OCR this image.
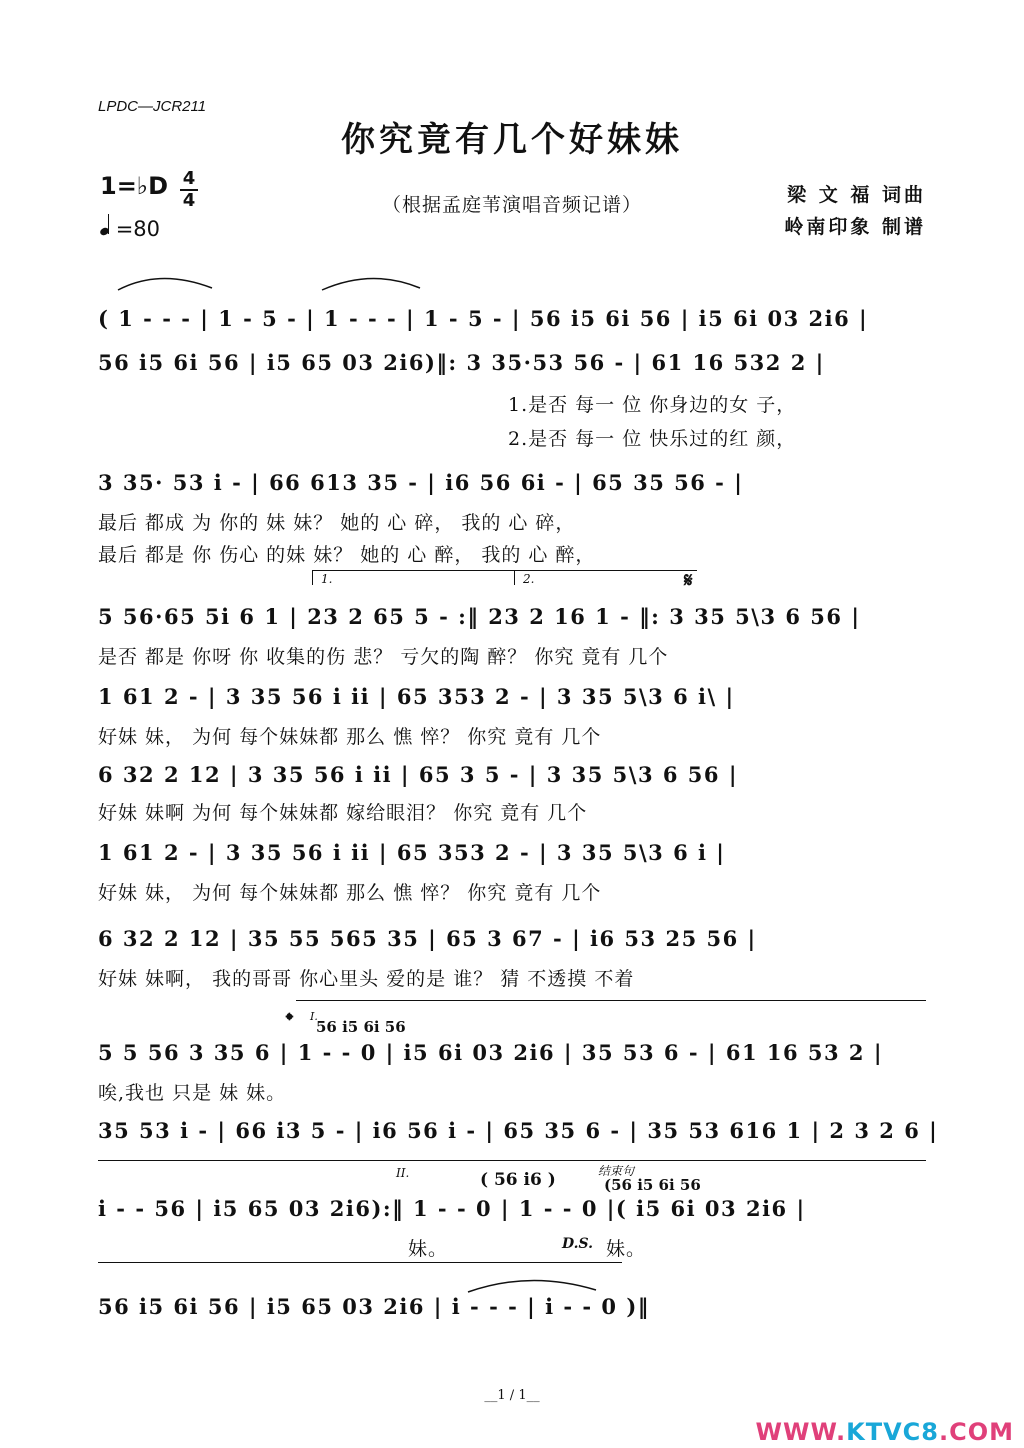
LPDC—JCR211
你究竟有几个好妹妹
1=♭D 4
4
=80
（根据孟庭苇演唱音频记谱）	梁 文 福 词曲
岭南印象 制谱
( 1 - - - | 1 - 5 - | 1 - - - | 1 - 5 - | 56 i5 6i 56 | i5 6i 03 2i6 |
56 i5 6i 56 | i5 65 03 2i6)‖: 3 35·53 56 - | 61 16 532 2 |
1.是否 每一 位 你身边的女 子，
2.是否 每一 位 快乐过的红 颜，
3 35· 53 i - | 66 613 35 - | i6 56 6i - | 65 35 56 - |
最后 都成 为 你的 妹 妹？ 她的 心 碎， 我的 心 碎，
最后 都是 你 伤心 的妹 妹？ 她的 心 醉， 我的 心 醉，
1.	2.	𝄋
5 56·65 5i 6 1 | 23 2 65 5 - :‖ 23 2 16 1 - ‖: 3 35 5\3 6 56 |
是否 都是 你呀 你 收集的伤 悲？ 亏欠的陶 醉？ 你究 竟有 几个
1 61 2 - | 3 35 56 i ii | 65 353 2 - | 3 35 5\3 6 i\ |
好妹 妹， 为何 每个妹妹都 那么 憔 悴？ 你究 竟有 几个
6 32 2 12 | 3 35 56 i ii | 65 3 5 - | 3 35 5\3 6 56 |
好妹 妹啊 为何 每个妹妹都 嫁给眼泪？ 你究 竟有 几个
1 61 2 - | 3 35 56 i ii | 65 353 2 - | 3 35 5\3 6 i |
好妹 妹， 为何 每个妹妹都 那么 憔 悴？ 你究 竟有 几个
6 32 2 12 | 35 55 565 35 | 65 3 67 - | i6 53 25 56 |
好妹 妹啊， 我的哥哥 你心里头 爱的是 谁？ 猜 不透摸 不着
𝄌 I.
56 i5 6i 56
5 5 56 3 35 6 | 1 - - 0 | i5 6i 03 2i6 | 35 53 6 - | 61 16 53 2 |
唉,我也 只是 妹 妹。
35 53 i - | 66 i3 5 - | i6 56 i - | 65 35 6 - | 35 53 616 1 | 2 3 2 6 |
II.	( 56 i6 )	结束句
(56 i5 6i 56
i - - 56 | i5 65 03 2i6):‖ 1 - - 0 | 1 - - 0 |( i5 6i 03 2i6 |
妹。	D.S. 妹。
56 i5 6i 56 | i5 65 03 2i6 | i - - - | i - - 0 )‖
__1 / 1__
WWW.KTVC8.COM
